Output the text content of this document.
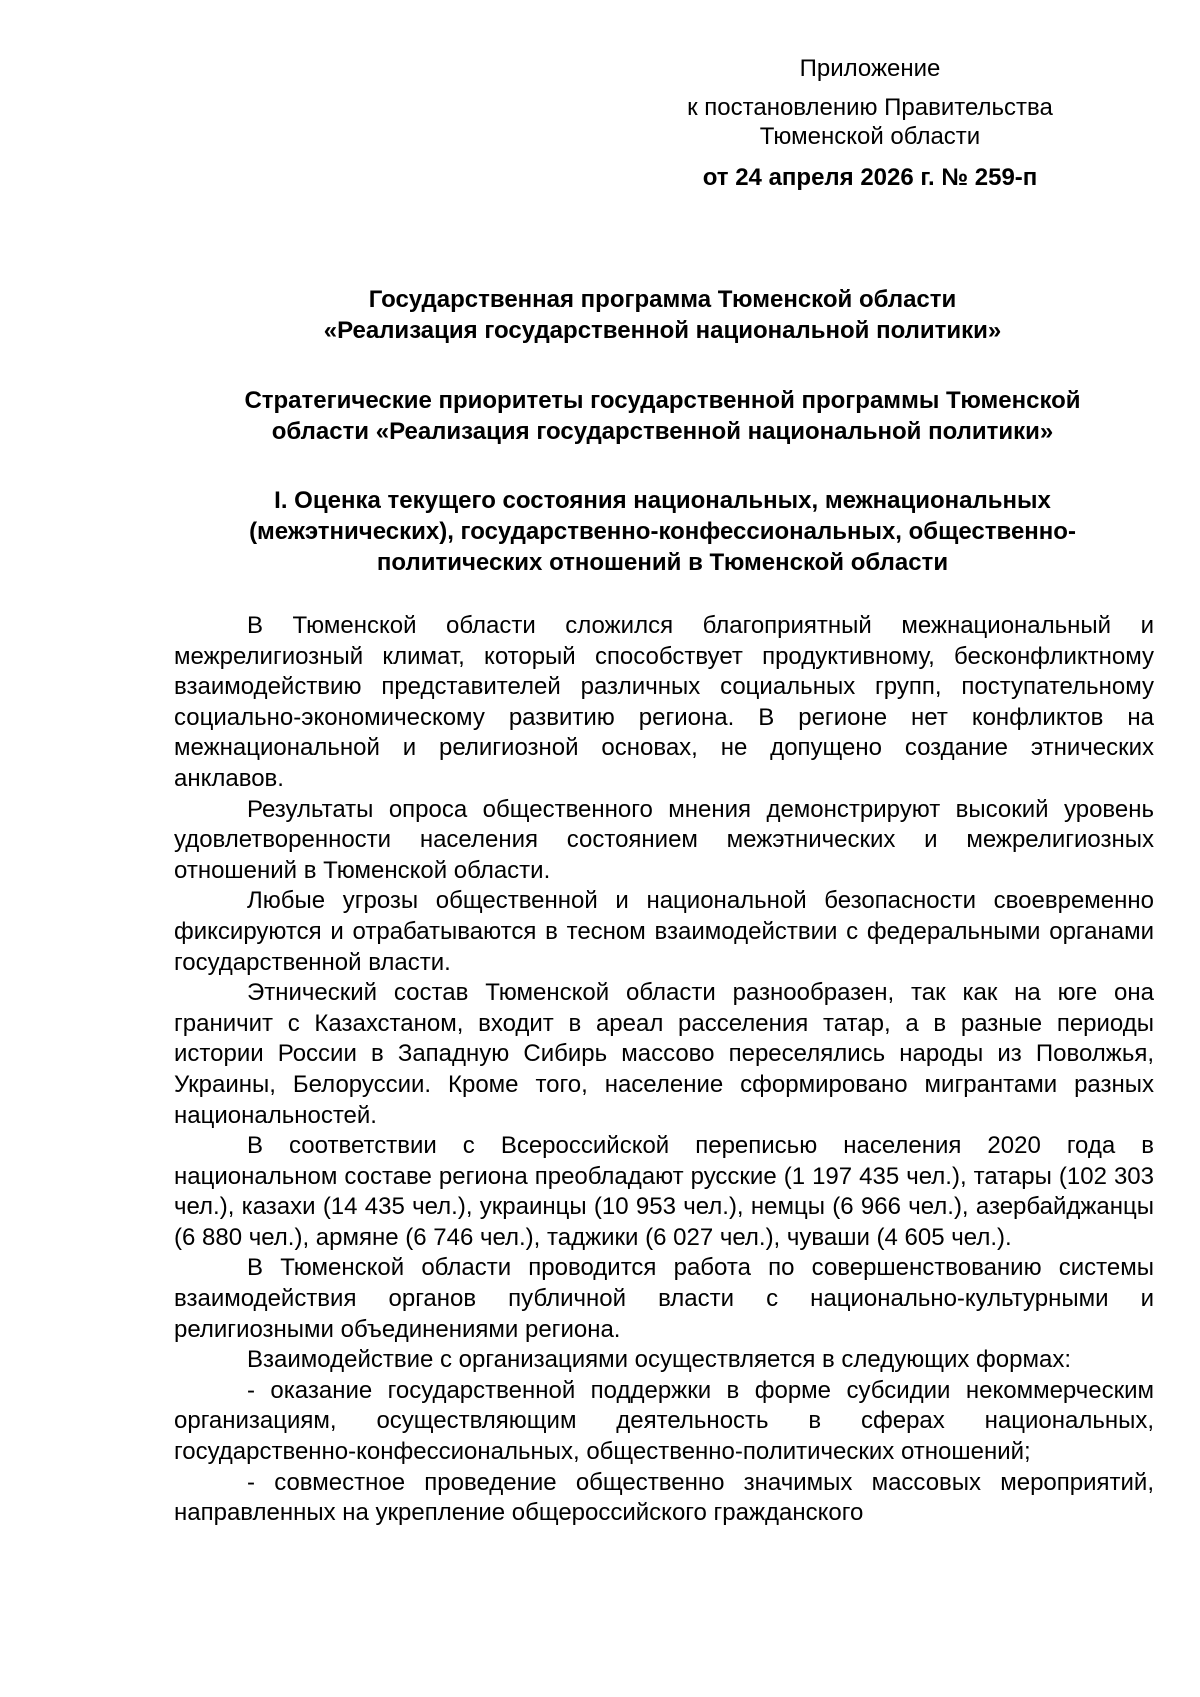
Приложение
к постановлению Правительства Тюменской области
от 24 апреля 2026 г. № 259-п
Государственная программа Тюменской области
«Реализация государственной национальной политики»
Стратегические приоритеты государственной программы Тюменской
области «Реализация государственной национальной политики»
I. Оценка текущего состояния национальных, межнациональных
(межэтнических), государственно-конфессиональных, общественно-
политических отношений в Тюменской области

В Тюменской области сложился благоприятный межнациональный и межрелигиозный климат, который способствует продуктивному, бесконфликтному взаимодействию представителей различных социальных групп, поступательному социально-экономическому развитию региона. В регионе нет конфликтов на межнациональной и религиозной основах, не допущено создание этнических анклавов.

Результаты опроса общественного мнения демонстрируют высокий уровень удовлетворенности населения состоянием межэтнических и межрелигиозных отношений в Тюменской области.

Любые угрозы общественной и национальной безопасности своевременно фиксируются и отрабатываются в тесном взаимодействии с федеральными органами государственной власти.

Этнический состав Тюменской области разнообразен, так как на юге она граничит с Казахстаном, входит в ареал расселения татар, а в разные периоды истории России в Западную Сибирь массово переселялись народы из Поволжья, Украины, Белоруссии. Кроме того, население сформировано мигрантами разных национальностей.

В соответствии с Всероссийской переписью населения 2020 года в национальном составе региона преобладают русские (1 197 435 чел.), татары (102 303 чел.), казахи (14 435 чел.), украинцы (10 953 чел.), немцы (6 966 чел.), азербайджанцы (6 880 чел.), армяне (6 746 чел.), таджики (6 027 чел.), чуваши (4 605 чел.).

В Тюменской области проводится работа по совершенствованию системы взаимодействия органов публичной власти с национально-культурными и религиозными объединениями региона.

Взаимодействие с организациями осуществляется в следующих формах:

- оказание государственной поддержки в форме субсидии некоммерческим организациям, осуществляющим деятельность в сферах национальных, государственно-конфессиональных, общественно-политических отношений;

- совместное проведение общественно значимых массовых мероприятий, направленных на укрепление общероссийского гражданского
